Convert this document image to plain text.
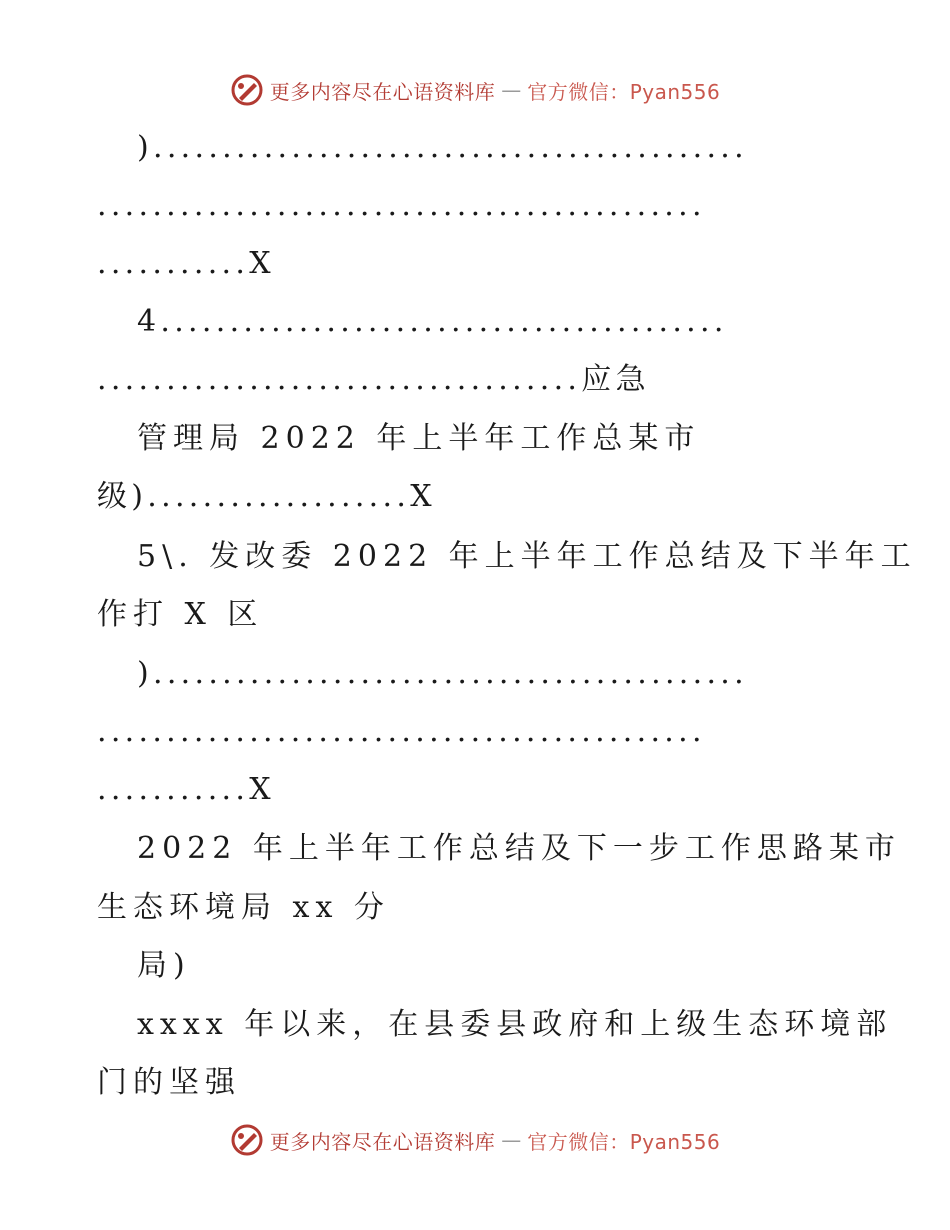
更多内容尽在心语资料库 — 官方微信：Pyan556
)...........................................
............................................
...........X
4.........................................
...................................应急
管理局 2022 年上半年工作总某市
级)...................X
5\. 发改委 2022 年上半年工作总结及下半年工
作打 X 区
)...........................................
............................................
...........X
2022 年上半年工作总结及下一步工作思路某市
生态环境局 xx 分
局)
xxxx 年以来，在县委县政府和上级生态环境部
门的坚强
更多内容尽在心语资料库 — 官方微信：Pyan556
